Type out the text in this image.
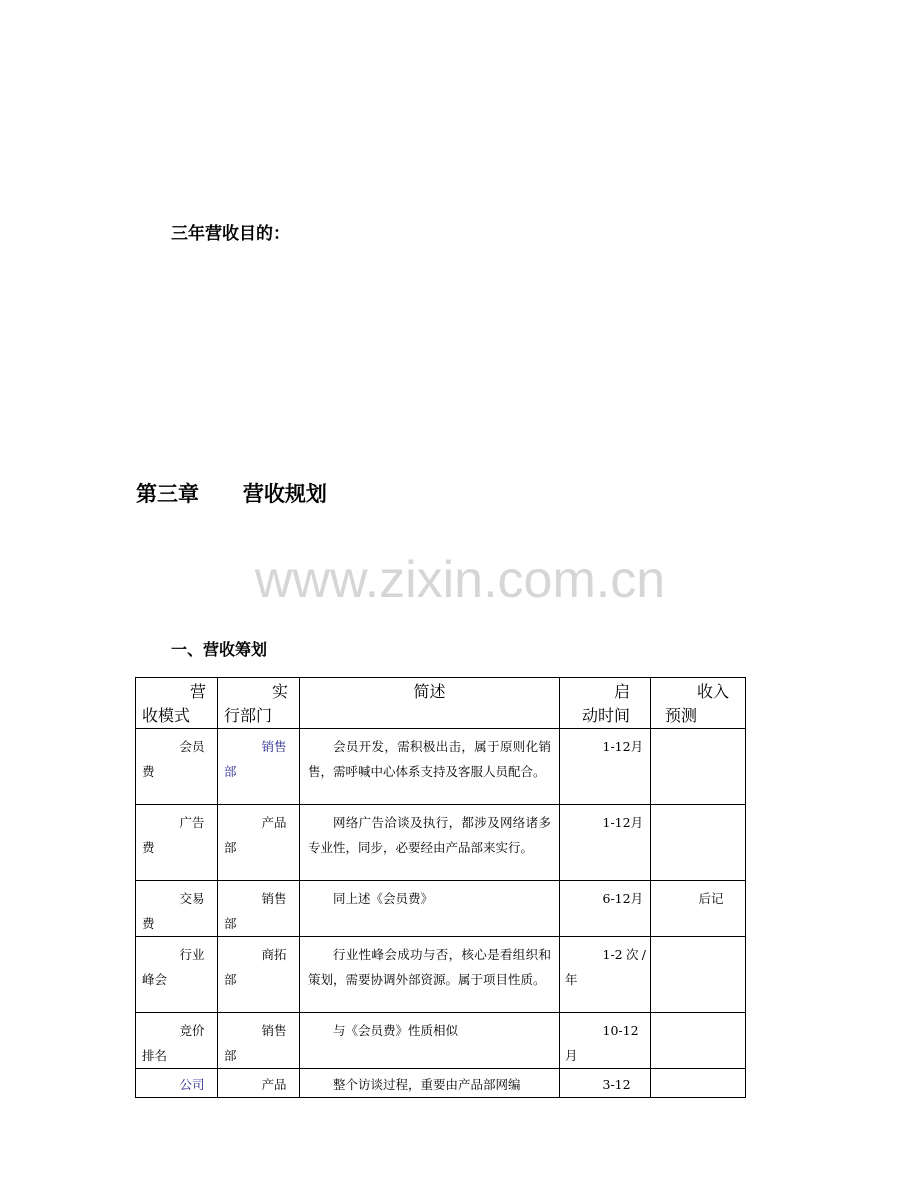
三年营收目的：
第三章      营收规划
www.zixin.com.cn
一、营收筹划
营收模式	实行部门	简述	启动时间	收入预测

会员费	销售部	会员开发，需积极出击，属于原则化销售，需呼喊中心体系支持及客服人员配合。	1-12月	

广告费	产品部	网络广告洽谈及执行，都涉及网络诸多专业性，同步，必要经由产品部来实行。	1-12月	

交易费	销售部	同上述《会员费》	6-12月	后记

行业峰会	商拓部	行业性峰会成功与否，核心是看组织和策划，需要协调外部资源。属于项目性质。	1-2次/年	

竞价排名	销售部	与《会员费》性质相似	10-12月	

公司	产品	整个访谈过程，重要由产品部网编	3-12	
